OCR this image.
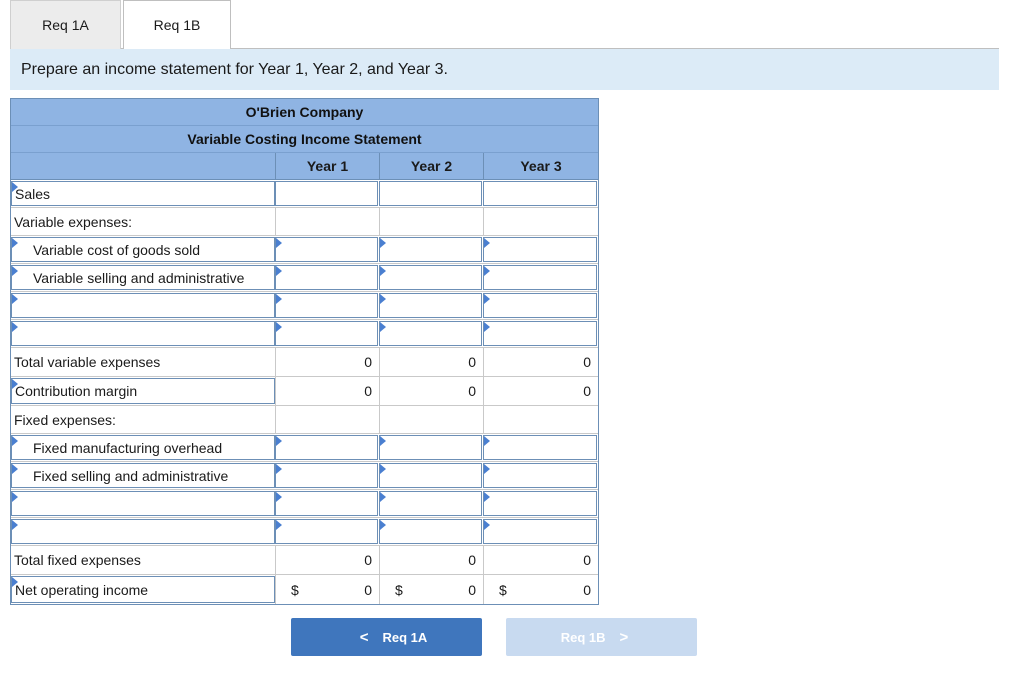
Req 1A	Req 1B
Prepare an income statement for Year 1, Year 2, and Year 3.
O'Brien Company
Variable Costing Income Statement
Year 1	Year 2	Year 3
Sales
Variable expenses:
Variable cost of goods sold
Variable selling and administrative
Total variable expenses	0	0	0
Contribution margin	0	0	0
Fixed expenses:
Fixed manufacturing overhead
Fixed selling and administrative
Total fixed expenses	0	0	0
Net operating income	$	0 $	0 $	0
< Req 1A	Req 1B >
